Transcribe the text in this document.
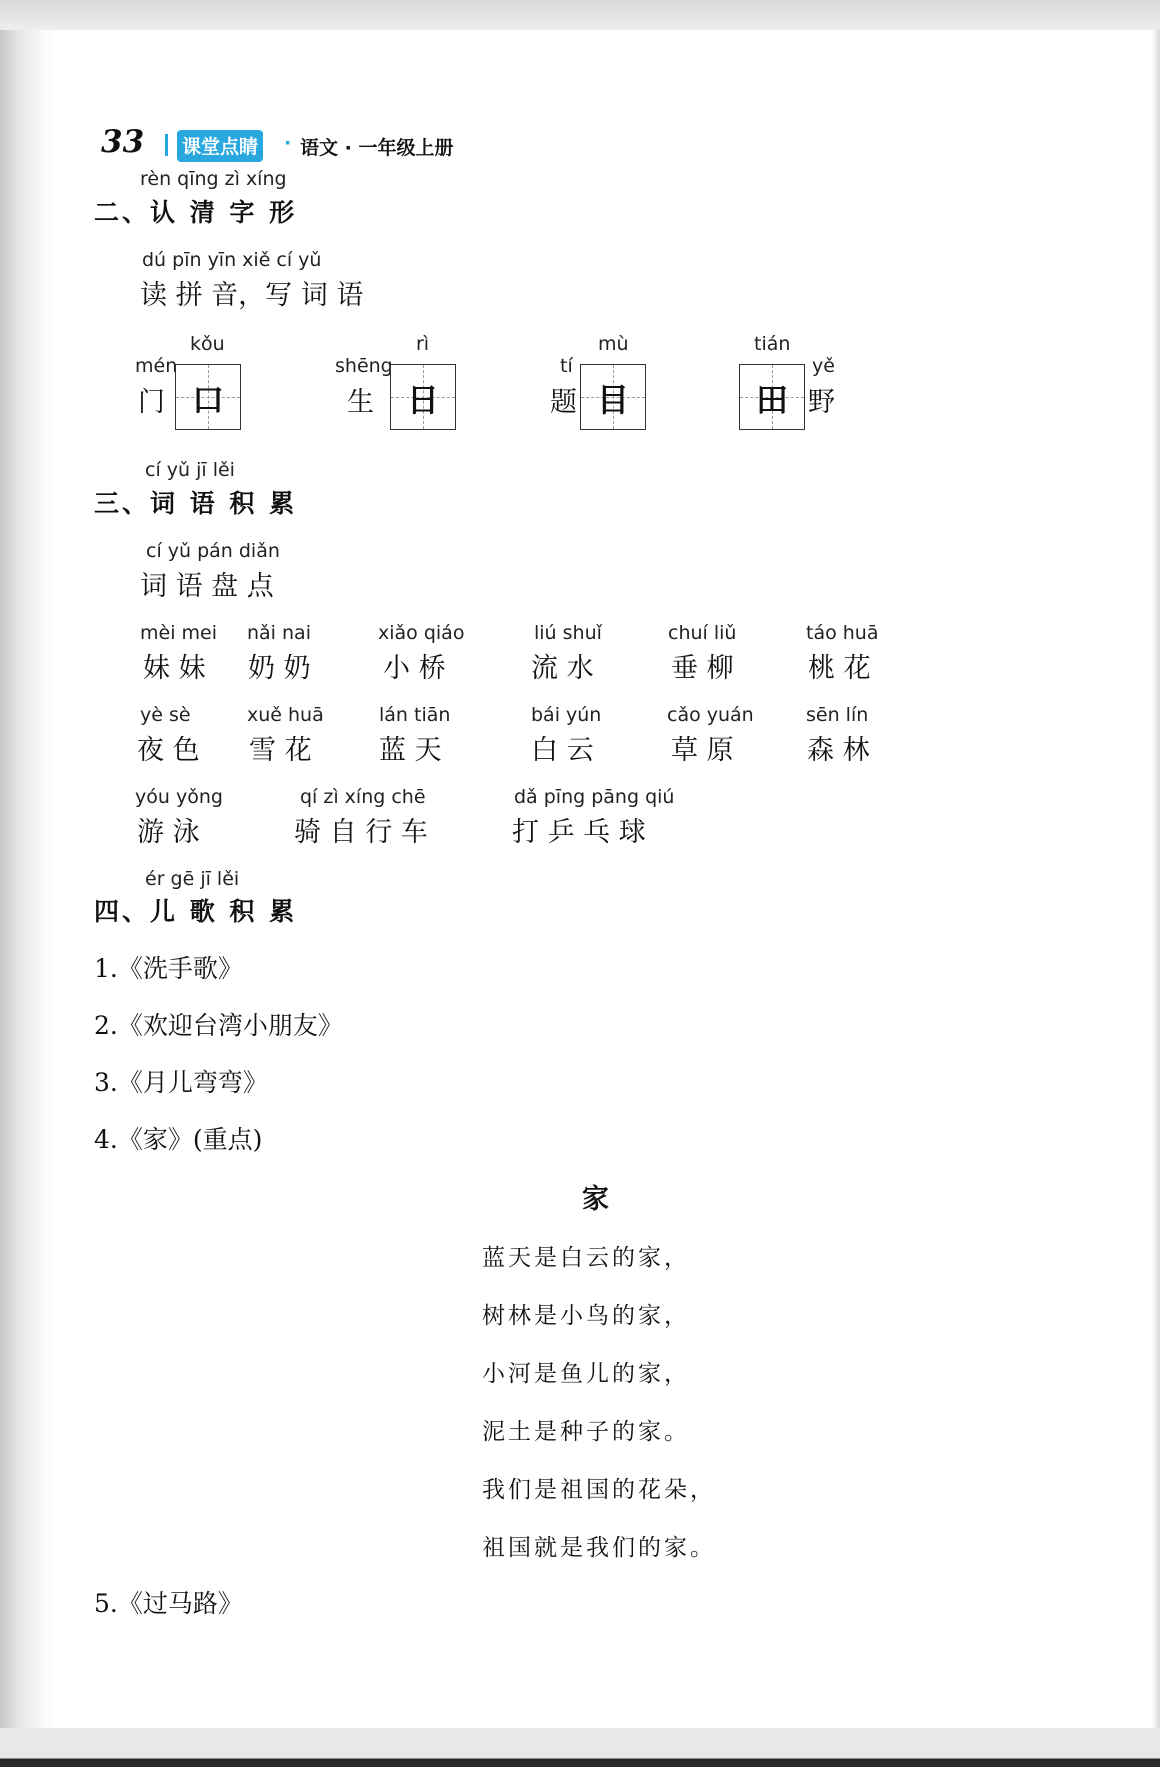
33 课堂点睛 · 语文 · 一年级上册
rèn qīng zì xíng
二、认 清 字 形
dú pīn yīn xiě cí yǔ
读 拼 音，写 词 语
mén
门
kǒu
口
shēng
生
rì
日
tí
题
mù
目
tián
田
yě
野
cí yǔ jī lěi
三、词 语 积 累
cí yǔ pán diǎn
词 语 盘 点
mèi mei
妹 妹
nǎi nai
奶 奶
xiǎo qiáo
小 桥
liú shuǐ
流 水
chuí liǔ
垂 柳
táo huā
桃 花
yè sè
夜 色
xuě huā
雪 花
lán tiān
蓝 天
bái yún
白 云
cǎo yuán
草 原
sēn lín
森 林
yóu yǒng
游 泳
qí zì xíng chē
骑 自 行 车
dǎ pīng pāng qiú
打 乒 乓 球
ér gē jī lěi
四、儿 歌 积 累
1.《洗手歌》
2.《欢迎台湾小朋友》
3.《月儿弯弯》
4.《家》(重点)
家
蓝天是白云的家，
树林是小鸟的家，
小河是鱼儿的家，
泥土是种子的家。
我们是祖国的花朵，
祖国就是我们的家。
5.《过马路》
